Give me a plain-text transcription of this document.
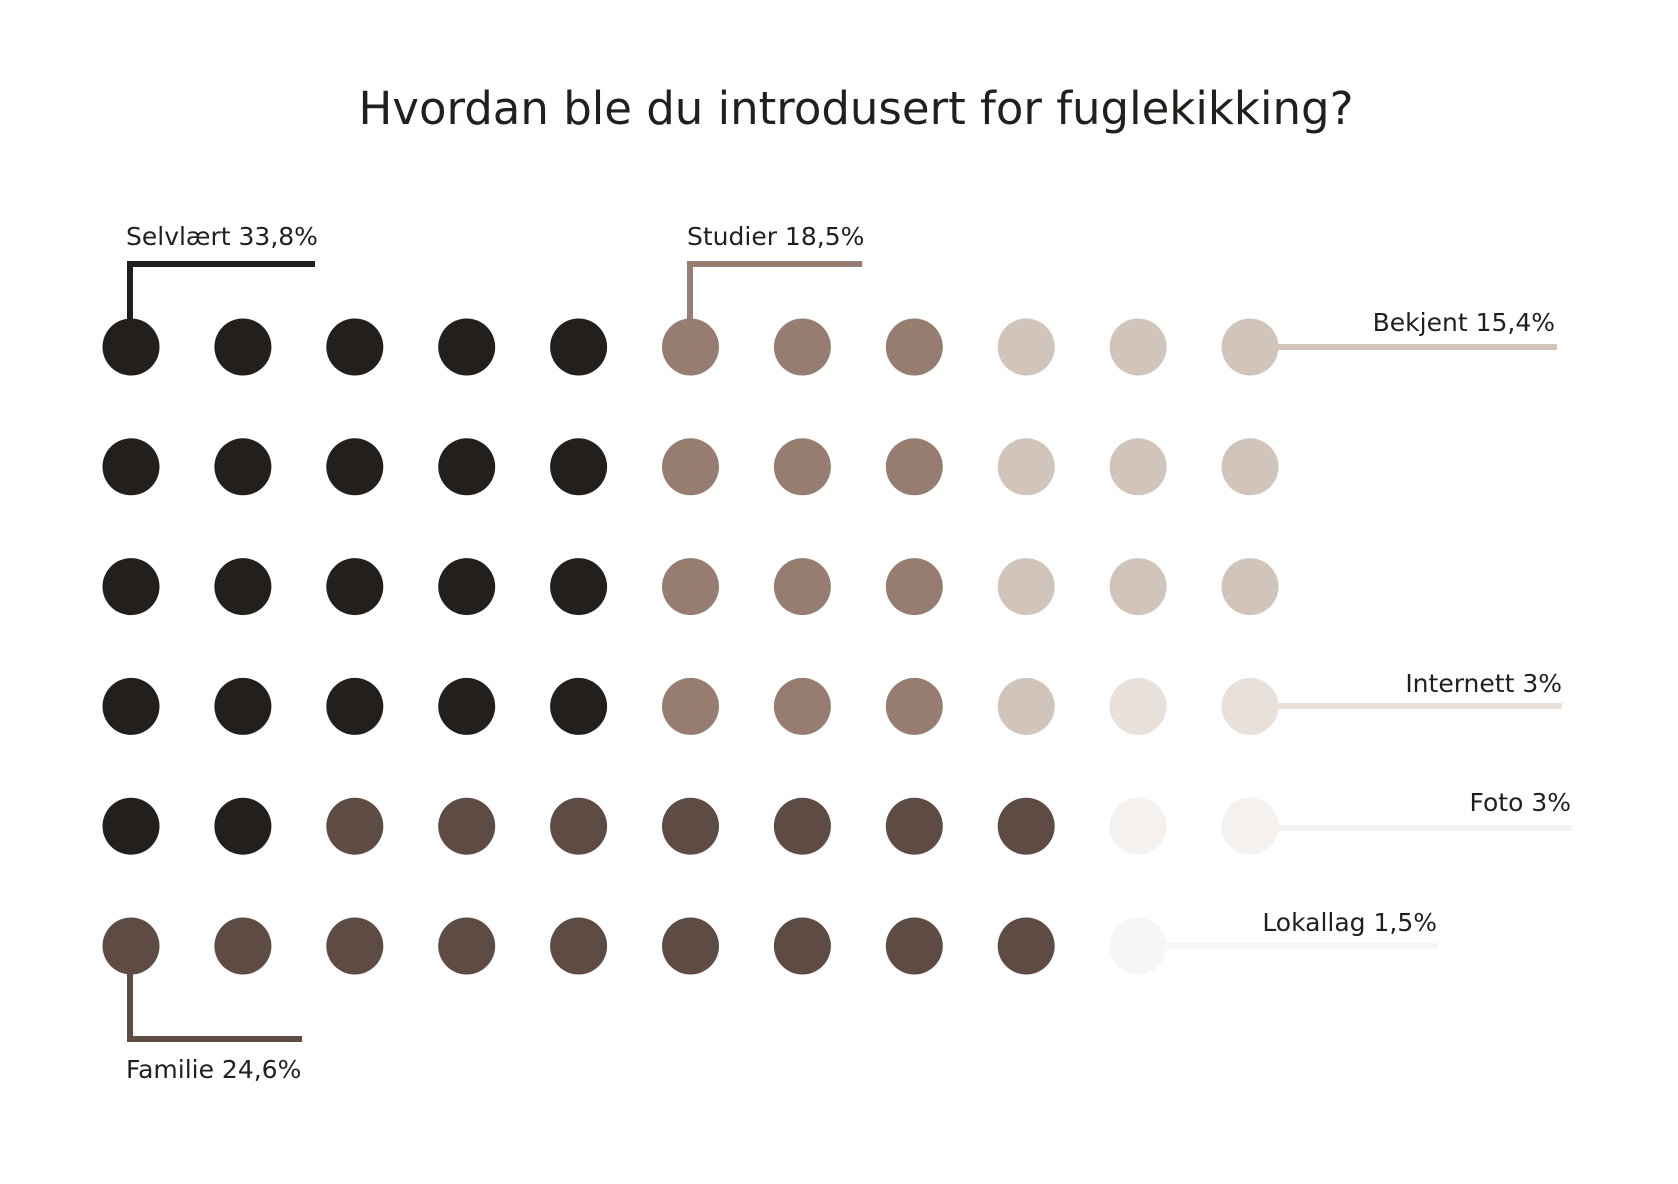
Hvordan ble du introdusert for fuglekikking?
Selvlært 33,8%	Studier 18,5%
Bekjent 15,4%
Internett 3%
Foto 3%
Lokallag 1,5%
Familie 24,6%
